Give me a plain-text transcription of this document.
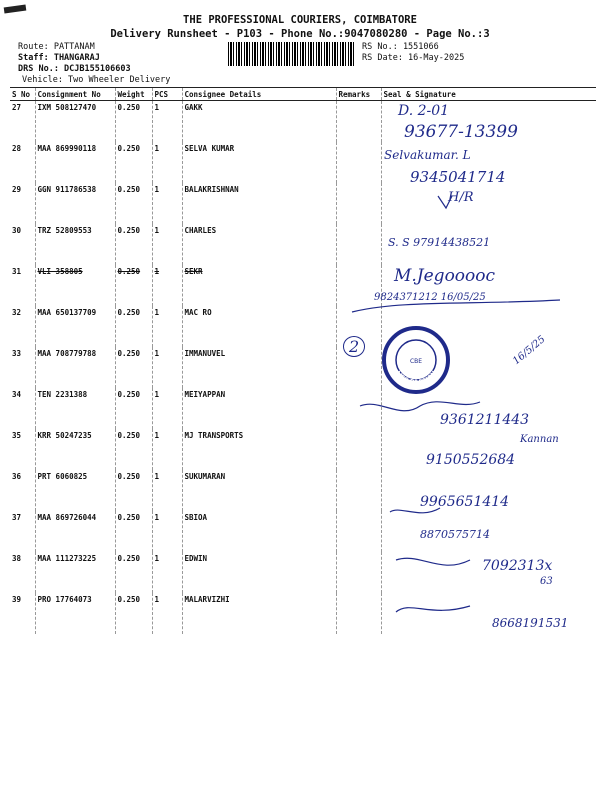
THE PROFESSIONAL COURIERS, COIMBATORE
Delivery Runsheet - P103 - Phone No.:9047080280 - Page No.:3
Route: PATTANAM
Staff: THANGARAJ
DRS No.: DCJB155106603
Vehicle: Two Wheeler Delivery
RS No.: 1551066
RS Date: 16-May-2025
S No	Consignment No	Weight	PCS	Consignee Details	Remarks	Seal & Signature
27	IXM 508127470	0.250	1	GAKK		
28	MAA 869990118	0.250	1	SELVA KUMAR		
29	GGN 911786538	0.250	1	BALAKRISHNAN		
30	TRZ 52809553	0.250	1	CHARLES		
31	VLI 358805	0.250	1	SEKR		
32	MAA 650137709	0.250	1	MAC RO		
33	MAA 708779788	0.250	1	IMMANUVEL		
34	TEN 2231388	0.250	1	MEIYAPPAN		
35	KRR 50247235	0.250	1	MJ TRANSPORTS		
36	PRT 6060825	0.250	1	SUKUMARAN		
37	MAA 869726044	0.250	1	SBIOA		
38	MAA 111273225	0.250	1	EDWIN		
39	PRO 17764073	0.250	1	MALARVIZHI		
D. 2-01
93677-13399
Selvakumar. L
9345041714
H/R
S. S 97914438521
M.Jegooooc
9824371212 16/05/25
2	16/5/25
9361211443
Kannan
9150552684
9965651414
8870575714
7092313x
63
8668191531
MACRO ENTERPRISES
MFG DIVISION
CBE
